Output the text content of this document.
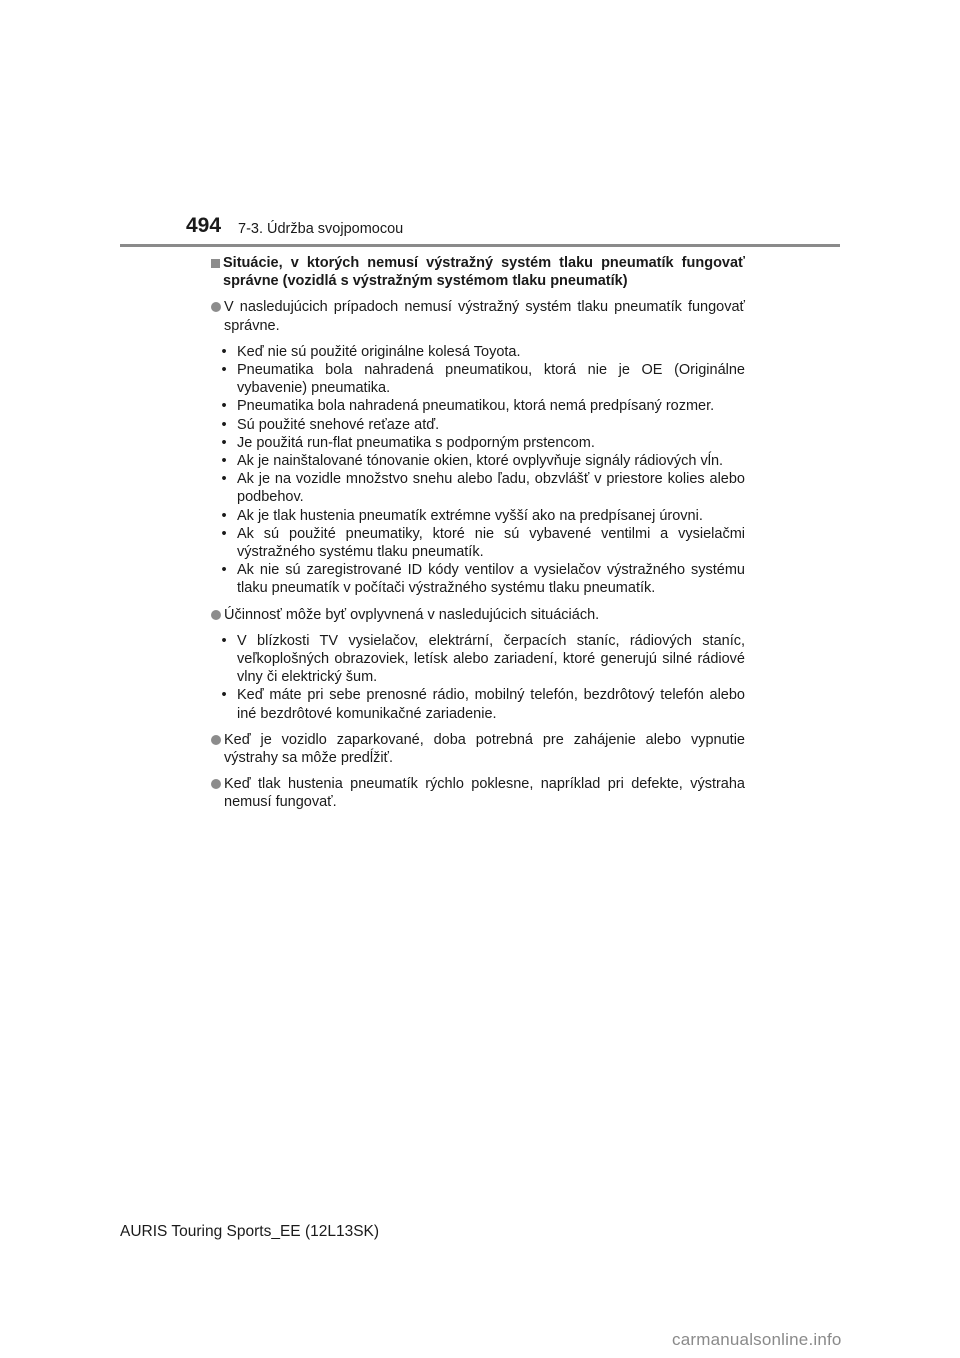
494 7-3. Údržba svojpomocou
Situácie, v ktorých nemusí výstražný systém tlaku pneumatík fungovať správne (vozidlá s výstražným systémom tlaku pneumatík)
V nasledujúcich prípadoch nemusí výstražný systém tlaku pneumatík fungovať správne.
• Keď nie sú použité originálne kolesá Toyota.
• Pneumatika bola nahradená pneumatikou, ktorá nie je OE (Originálne vybavenie) pneumatika.
• Pneumatika bola nahradená pneumatikou, ktorá nemá predpísaný rozmer.
• Sú použité snehové reťaze atď.
• Je použitá run-flat pneumatika s podporným prstencom.
• Ak je nainštalované tónovanie okien, ktoré ovplyvňuje signály rádiových vĺn.
• Ak je na vozidle množstvo snehu alebo ľadu, obzvlášť v priestore kolies alebo podbehov.
• Ak je tlak hustenia pneumatík extrémne vyšší ako na predpísanej úrovni.
• Ak sú použité pneumatiky, ktoré nie sú vybavené ventilmi a vysielačmi výstražného systému tlaku pneumatík.
• Ak nie sú zaregistrované ID kódy ventilov a vysielačov výstražného systému tlaku pneumatík v počítači výstražného systému tlaku pneumatík.
Účinnosť môže byť ovplyvnená v nasledujúcich situáciách.
• V blízkosti TV vysielačov, elektrární, čerpacích staníc, rádiových staníc, veľkoplošných obrazoviek, letísk alebo zariadení, ktoré generujú silné rádiové vlny či elektrický šum.
• Keď máte pri sebe prenosné rádio, mobilný telefón, bezdrôtový telefón alebo iné bezdrôtové komunikačné zariadenie.
Keď je vozidlo zaparkované, doba potrebná pre zahájenie alebo vypnutie výstrahy sa môže predĺžiť.
Keď tlak hustenia pneumatík rýchlo poklesne, napríklad pri defekte, výstraha nemusí fungovať.
AURIS Touring Sports_EE (12L13SK)
carmanualsonline.info
